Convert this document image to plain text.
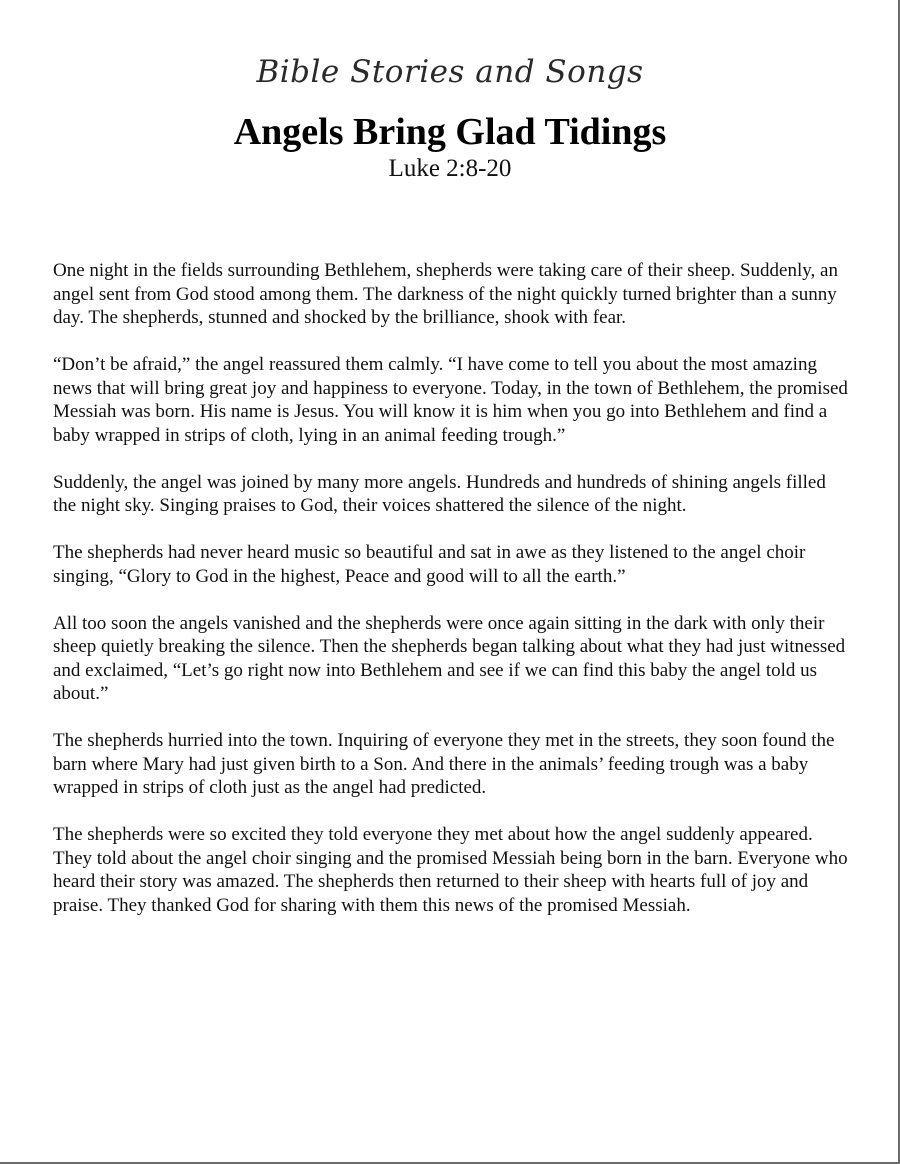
Bible Stories and Songs
Angels Bring Glad Tidings
Luke 2:8-20

One night in the fields surrounding Bethlehem, shepherds were taking care of their sheep. Suddenly, an angel sent from God stood among them. The darkness of the night quickly turned brighter than a sunny day. The shepherds, stunned and shocked by the brilliance, shook with fear.

“Don’t be afraid,” the angel reassured them calmly. “I have come to tell you about the most amazing news that will bring great joy and happiness to everyone. Today, in the town of Bethlehem, the promised Messiah was born. His name is Jesus. You will know it is him when you go into Bethlehem and find a baby wrapped in strips of cloth, lying in an animal feeding trough.”

Suddenly, the angel was joined by many more angels. Hundreds and hundreds of shining angels filled the night sky. Singing praises to God, their voices shattered the silence of the night.

The shepherds had never heard music so beautiful and sat in awe as they listened to the angel choir singing, “Glory to God in the highest, Peace and good will to all the earth.”

All too soon the angels vanished and the shepherds were once again sitting in the dark with only their sheep quietly breaking the silence. Then the shepherds began talking about what they had just witnessed and exclaimed, “Let’s go right now into Bethlehem and see if we can find this baby the angel told us about.”

The shepherds hurried into the town. Inquiring of everyone they met in the streets, they soon found the barn where Mary had just given birth to a Son. And there in the animals’ feeding trough was a baby wrapped in strips of cloth just as the angel had predicted.

The shepherds were so excited they told everyone they met about how the angel suddenly appeared. They told about the angel choir singing and the promised Messiah being born in the barn. Everyone who heard their story was amazed. The shepherds then returned to their sheep with hearts full of joy and praise. They thanked God for sharing with them this news of the promised Messiah.
